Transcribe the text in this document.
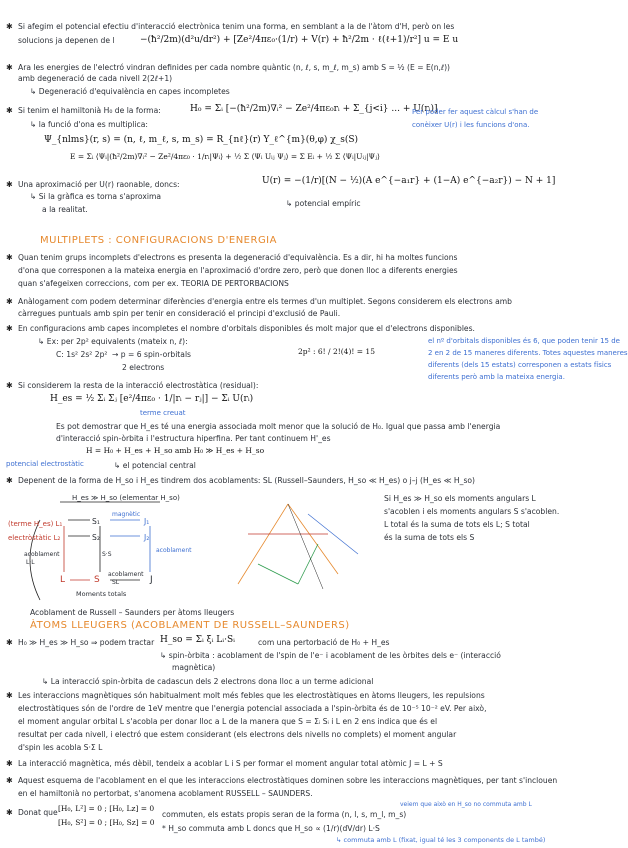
✱ Si afegim el potencial efectiu d'interacció electrònica tenim una forma, en semblant a la de l'àtom d'H, però on les
solucions ja depenen de l	−(ħ²/2m)(d²u/dr²) + [Ze²/4πε₀·(1/r) + V(r) + ħ²/2m · ℓ(ℓ+1)/r²] u = E u
✱ Ara les energies de l'electró vindran definides per cada nombre quàntic (n, ℓ, s, m_ℓ, m_s) amb S = ½ (E = E(n,ℓ))
amb degeneració de cada nivell 2(2ℓ+1)
↳ Degeneració d'equivalència en capes incompletes
✱ Si tenim el hamiltonià H₀ de la forma:	H₀ = Σᵢ [−(ħ²/2m)∇ᵢ² − Ze²/4πε₀rᵢ + Σ_{j<i} ... + U(rᵢ)]
↳ la funció d'ona es multiplica:
Ψ_{nlms}(r, s) = (n, ℓ, m_ℓ, s, m_s) = R_{nℓ}(r) Y_ℓ^{m}(θ,φ) χ_s(S)
E = Σᵢ ⟨Ψᵢ|(ħ²/2m)∇ᵢ² − Ze²/4πε₀ · 1/rᵢ|Ψᵢ⟩ + ½ Σ ⟨Ψᵢ Uᵢⱼ Ψⱼ⟩ = Σ Eᵢ + ½ Σ ⟨Ψᵢ|Uᵢⱼ|Ψⱼ⟩
Per poder fer aquest càlcul s'han de
conèixer U(r) i les funcions d'ona.
✱ Una aproximació per U(r) raonable, doncs:	U(r) = −(1/r)[(N − ½)(A e^{−a₁r} + (1−A) e^{−a₂r}) − N + 1]
↳ Si la gràfica es torna s'aproxima
a la realitat.
↳ potencial empíric
MULTIPLETS : CONFIGURACIONS D'ENERGIA
✱ Quan tenim grups incomplets d'electrons es presenta la degeneració d'equivalència. Es a dir, hi ha moltes funcions
d'ona que corresponen a la mateixa energia en l'aproximació d'ordre zero, però que donen lloc a diferents energies
quan s'afegeixen correccions, com per ex. TEORIA DE PERTORBACIONS
✱ Anàlogament com podem determinar diferències d'energia entre els termes d'un multiplet. Segons considerem els electrons amb
càrregues puntuals amb spin per tenir en consideració el principi d'exclusió de Pauli.
✱ En configuracions amb capes incompletes el nombre d'orbitals disponibles és molt major que el d'electrons disponibles.
↳ Ex: per 2p² equivalents (mateix n, ℓ):
C: 1s² 2s² 2p² → p = 6 spin-orbitals
2 electrons
2p² : 6! / 2!(4)! = 15
el nº d'orbitals disponibles és 6, que poden tenir 15 de
2 en 2 de 15 maneres diferents. Totes aquestes maneres
diferents (dels 15 estats) corresponen a estats físics
diferents però amb la mateixa energia.
✱ Si considerem la resta de la interacció electrostàtica (residual):
H_es = ½ Σᵢ Σⱼ [e²/4πε₀ · 1/|rᵢ − rⱼ|] − Σᵢ U(rᵢ)
terme creuat
Es pot demostrar que H_es té una energia associada molt menor que la solució de H₀. Igual que passa amb l'energia
d'interacció spin-òrbita i l'estructura hiperfina. Per tant continuem H'_es
H = H₀ + H_es + H_so amb H₀ ≫ H_es + H_so
potencial electrostàtic	↳ el potencial central
✱ Depenent de la forma de H_so i H_es tindrem dos acoblaments: SL (Russell–Saunders, H_so ≪ H_es) o j–j (H_es ≪ H_so)
Si H_es ≫ H_so els moments angulars L
s'acoblen i els moments angulars S s'acoblen.
L total és la suma de tots els L; S total
és la suma de tots els S
H_es ≫ H_so (elementar H_so)
(terme H_es) L₁
electròstàtic L₂
S₁
S₂
J₁
J₂
magnètic
S·S
acoblament
L·L
acoblament
acoblament
SL
L	S	J
Moments totals
Acoblament de Russell – Saunders per àtoms lleugers
ÀTOMS LLEUGERS (ACOBLAMENT DE RUSSELL–SAUNDERS)
✱ H₀ ≫ H_es ≫ H_so ⇒ podem tractar H_so = Σᵢ ξᵢ Lᵢ·Sᵢ	com una pertorbació de H₀ + H_es
↳ spin-òrbita : acoblament de l'spin de l'e⁻ i acoblament de les òrbites dels e⁻ (interacció
magnètica)
↳ La interacció spin-òrbita de cadascun dels 2 electrons dona lloc a un terme adicional
✱ Les interaccions magnètiques són habitualment molt més febles que les electrostàtiques en àtoms lleugers, les repulsions
electrostàtiques són de l'ordre de 1eV mentre que l'energia potencial associada a l'spin-òrbita és de 10⁻⁵ 10⁻² eV. Per això,
el moment angular orbital L s'acobla per donar lloc a L de la manera que S = Σᵢ Sᵢ i L en 2 ens indica que és el
resultat per cada nivell, i electró que estem considerant (els electrons dels nivells no complets) el moment angular
d'spin les acobla S·Σ L
✱ La interacció magnètica, més dèbil, tendeix a acoblar L i S per formar el moment angular total atòmic J = L + S
✱ Aquest esquema de l'acoblament en el que les interaccions electrostàtiques dominen sobre les interaccions magnètiques, per tant s'inclouen
en el hamiltonià no pertorbat, s'anomena acoblament RUSSELL – SAUNDERS.
✱ Donat que [H₀, L²] = 0 ; [H₀, Lz] = 0
[H₀, S²] = 0 ; [H₀, Sz] = 0
commuten, els estats propis seran de la forma (n, l, s, m_l, m_s)
* H_so commuta amb L doncs que H_so ∝ (1/r)(dV/dr) L·S
veiem que això en H_so no commuta amb L
↳ commuta amb L (fixat, igual té les 3 components de L també)
